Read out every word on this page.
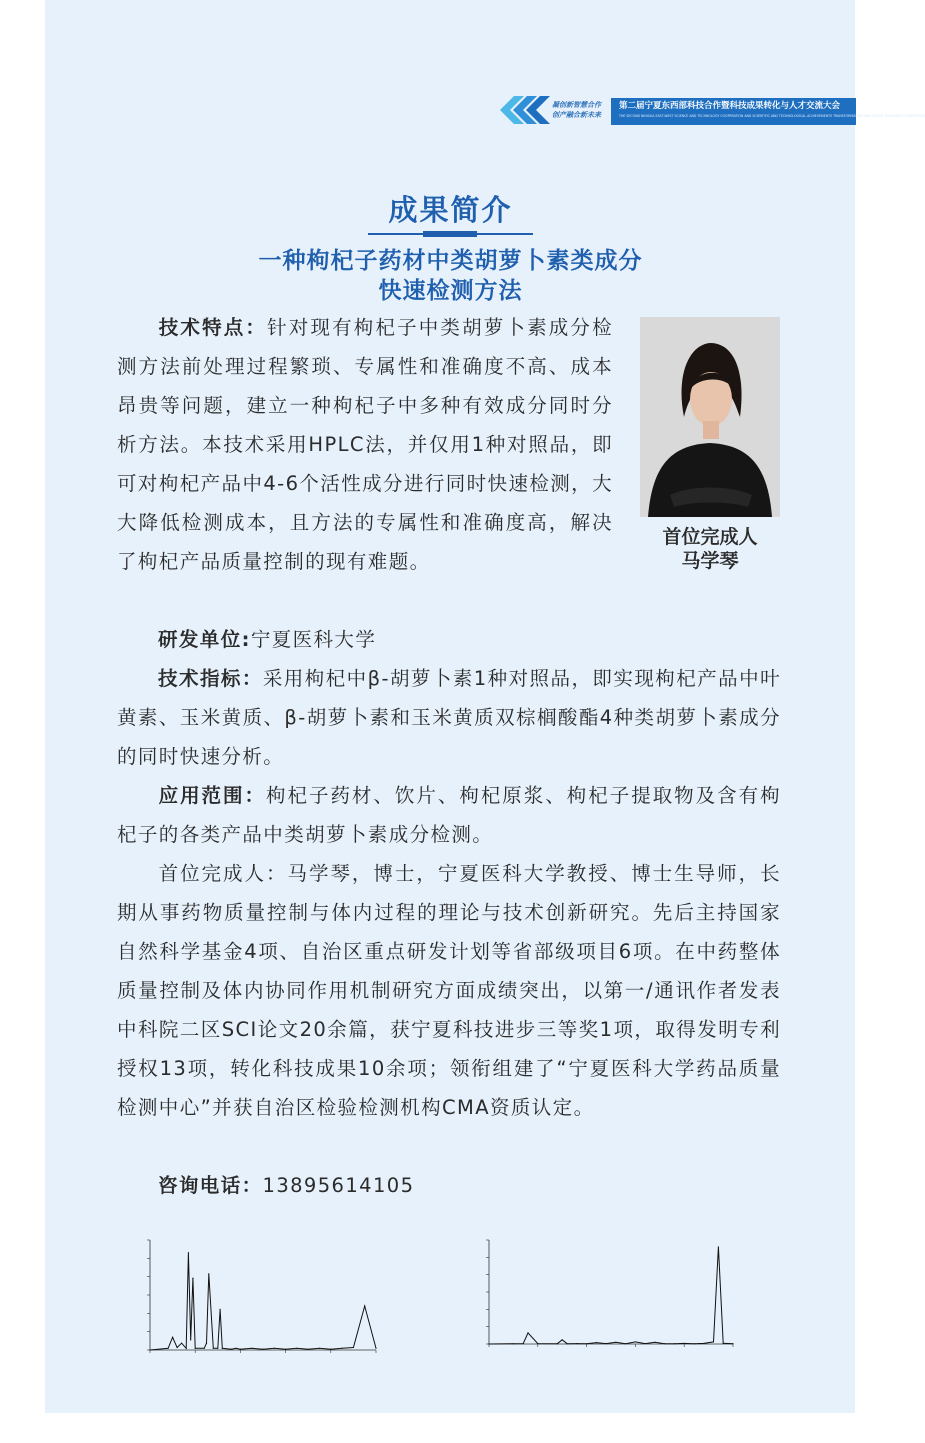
凝创新智慧合作
创产融合新未来
第二届宁夏东西部科技合作暨科技成果转化与人才交流大会
THE SECOND NINGXIA EAST-WEST SCIENCE AND TECHNOLOGY COOPERATION AND SCIENTIFIC AND TECHNOLOGICAL ACHIEVEMENTS TRANSFORMATION AND TALENT EXCHANGE CONFERENCE
成果简介
一种枸杞子药材中类胡萝卜素类成分
快速检测方法

技术特点：针对现有枸杞子中类胡萝卜素成分检测方法前处理过程繁琐、专属性和准确度不高、成本昂贵等问题，建立一种枸杞子中多种有效成分同时分析方法。本技术采用HPLC法，并仅用1种对照品，即可对枸杞产品中4-6个活性成分进行同时快速检测，大大降低检测成本，且方法的专属性和准确度高，解决了枸杞产品质量控制的现有难题。

首位完成人
马学琴

研发单位:宁夏医科大学

技术指标：采用枸杞中β-胡萝卜素1种对照品，即实现枸杞产品中叶黄素、玉米黄质、β-胡萝卜素和玉米黄质双棕榈酸酯4种类胡萝卜素成分的同时快速分析。

应用范围：枸杞子药材、饮片、枸杞原浆、枸杞子提取物及含有枸杞子的各类产品中类胡萝卜素成分检测。

首位完成人：马学琴，博士，宁夏医科大学教授、博士生导师，长期从事药物质量控制与体内过程的理论与技术创新研究。先后主持国家自然科学基金4项、自治区重点研发计划等省部级项目6项。在中药整体质量控制及体内协同作用机制研究方面成绩突出，以第一/通讯作者发表中科院二区SCI论文20余篇，获宁夏科技进步三等奖1项，取得发明专利授权13项，转化科技成果10余项；领衔组建了“宁夏医科大学药品质量检测中心”并获自治区检验检测机构CMA资质认定。

咨询电话：13895614105
